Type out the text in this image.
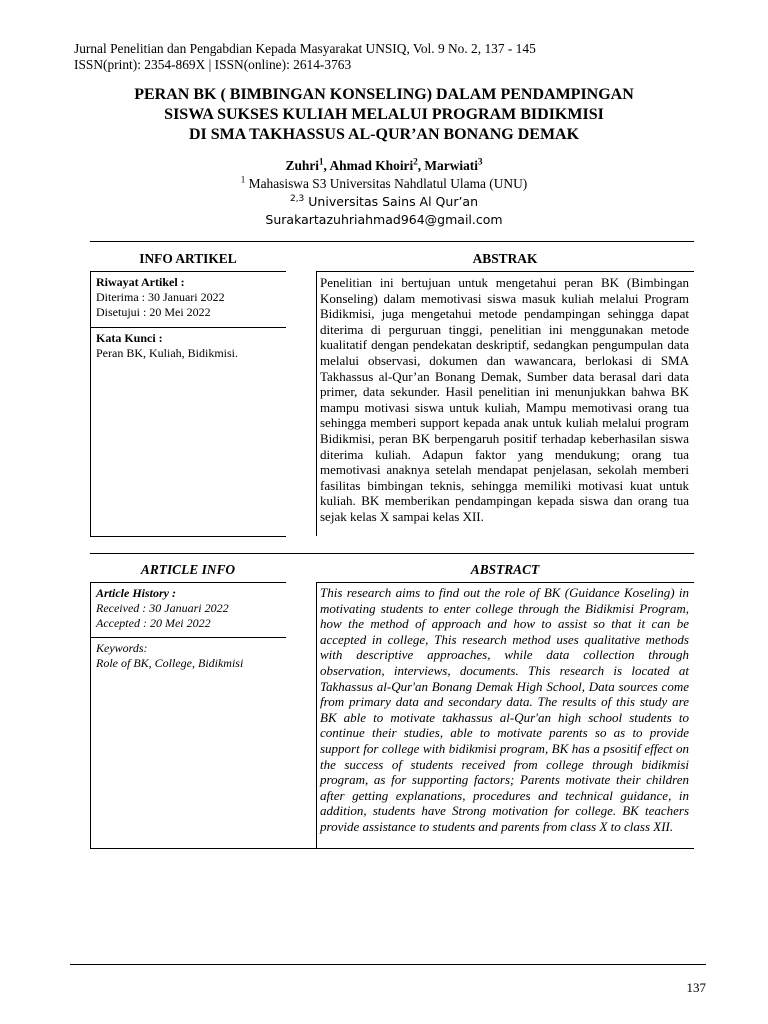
Jurnal Penelitian dan Pengabdian Kepada Masyarakat UNSIQ, Vol. 9 No. 2, 137 - 145
ISSN(print): 2354-869X | ISSN(online): 2614-3763
PERAN BK ( BIMBINGAN KONSELING) DALAM PENDAMPINGAN
SISWA SUKSES KULIAH MELALUI PROGRAM BIDIKMISI
DI SMA TAKHASSUS AL-QUR’AN BONANG DEMAK
Zuhri$^1$, Ahmad Khoiri$^2$, Marwiati$^3$
$^1$ Mahasiswa S3 Universitas Nahdlatul Ulama (UNU)
$^{2,3}$ Universitas Sains Al Qur’an
Surakartazuhriahmad964@gmail.com
INFO ARTIKEL	ABSTRAK
Riwayat Artikel :
Diterima : 30 Januari 2022
Disetujui : 20 Mei 2022
Kata Kunci :
Peran BK, Kuliah, Bidikmisi.
Penelitian ini bertujuan untuk mengetahui peran BK (Bimbingan Konseling) dalam memotivasi siswa masuk kuliah melalui Program Bidikmisi, juga mengetahui metode pendampingan sehingga dapat diterima di perguruan tinggi, penelitian ini menggunakan metode kualitatif dengan pendekatan deskriptif, sedangkan pengumpulan data melalui observasi, dokumen dan wawancara, berlokasi di SMA Takhassus al-Qur’an Bonang Demak, Sumber data berasal dari data primer, data sekunder. Hasil penelitian ini menunjukkan bahwa BK mampu motivasi siswa untuk kuliah, Mampu memotivasi orang tua sehingga memberi support kepada anak untuk kuliah melalui program Bidikmisi, peran BK berpengaruh positif terhadap keberhasilan siswa diterima kuliah. Adapun faktor yang mendukung; orang tua memotivasi anaknya setelah mendapat penjelasan, sekolah memberi fasilitas bimbingan teknis, sehingga memiliki motivasi kuat untuk kuliah. BK memberikan pendampingan kepada siswa dan orang tua sejak kelas X sampai kelas XII.
ARTICLE INFO	ABSTRACT
Article History :
Received : 30 Januari 2022
Accepted : 20 Mei 2022
Keywords:
Role of BK, College, Bidikmisi
This research aims to find out the role of BK (Guidance Koseling) in motivating students to enter college through the Bidikmisi Program, how the method of approach and how to assist so that it can be accepted in college, This research method uses qualitative methods with descriptive approaches, while data collection through observation, interviews, documents. This research is located at Takhassus al-Qur'an Bonang Demak High School, Data sources come from primary data and secondary data. The results of this study are BK able to motivate takhassus al-Qur'an high school students to continue their studies, able to motivate parents so as to provide support for college with bidikmisi program, BK has a psositif effect on the success of students received from college through bidikmisi program, as for supporting factors; Parents motivate their children after getting explanations, procedures and technical guidance, in addition, students have Strong motivation for college. BK teachers provide assistance to students and parents from class X to class XII.
137
